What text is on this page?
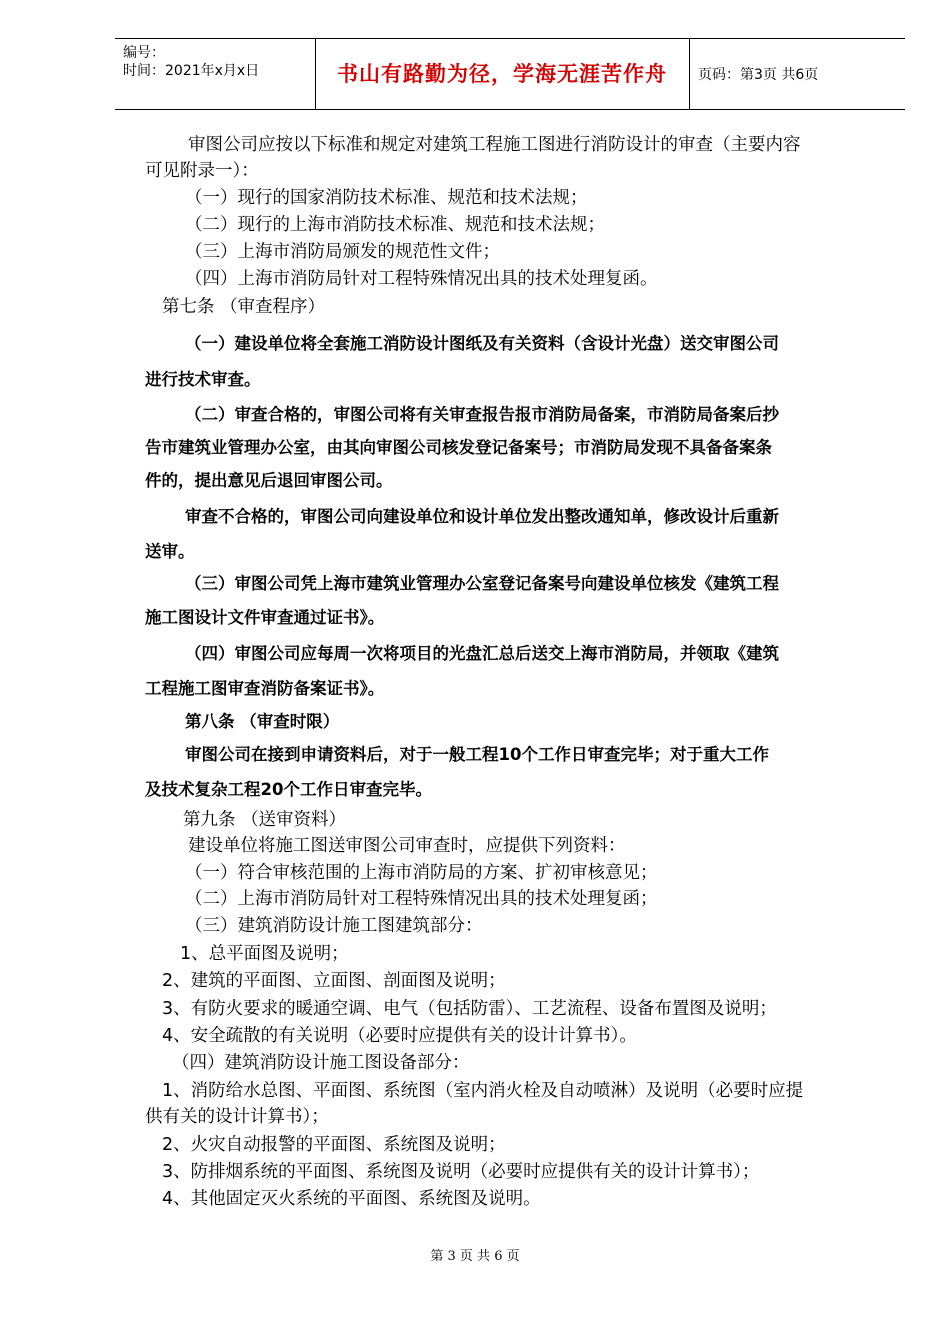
编号：
时间：2021年x月x日	书山有路勤为径，学海无涯苦作舟	页码：第3页 共6页
审图公司应按以下标准和规定对建筑工程施工图进行消防设计的审查（主要内容
可见附录一）：
（一）现行的国家消防技术标准、规范和技术法规；
（二）现行的上海市消防技术标准、规范和技术法规；
（三）上海市消防局颁发的规范性文件；
（四）上海市消防局针对工程特殊情况出具的技术处理复函。
第七条 （审查程序）
（一）建设单位将全套施工消防设计图纸及有关资料（含设计光盘）送交审图公司
进行技术审查。
（二）审查合格的，审图公司将有关审查报告报市消防局备案，市消防局备案后抄
告市建筑业管理办公室，由其向审图公司核发登记备案号；市消防局发现不具备备案条
件的，提出意见后退回审图公司。
审查不合格的，审图公司向建设单位和设计单位发出整改通知单，修改设计后重新
送审。
（三）审图公司凭上海市建筑业管理办公室登记备案号向建设单位核发《建筑工程
施工图设计文件审查通过证书》。
（四）审图公司应每周一次将项目的光盘汇总后送交上海市消防局，并领取《建筑
工程施工图审查消防备案证书》。
第八条 （审查时限）
审图公司在接到申请资料后，对于一般工程10个工作日审查完毕；对于重大工作
及技术复杂工程20个工作日审查完毕。
第九条 （送审资料）
建设单位将施工图送审图公司审查时，应提供下列资料：
（一）符合审核范围的上海市消防局的方案、扩初审核意见；
（二）上海市消防局针对工程特殊情况出具的技术处理复函；
（三）建筑消防设计施工图建筑部分：
1、总平面图及说明；
2、建筑的平面图、立面图、剖面图及说明；
3、有防火要求的暖通空调、电气（包括防雷）、工艺流程、设备布置图及说明；
4、安全疏散的有关说明（必要时应提供有关的设计计算书）。
（四）建筑消防设计施工图设备部分：
1、消防给水总图、平面图、系统图（室内消火栓及自动喷淋）及说明（必要时应提
供有关的设计计算书）；
2、火灾自动报警的平面图、系统图及说明；
3、防排烟系统的平面图、系统图及说明（必要时应提供有关的设计计算书）；
4、其他固定灭火系统的平面图、系统图及说明。
第 3 页 共 6 页
